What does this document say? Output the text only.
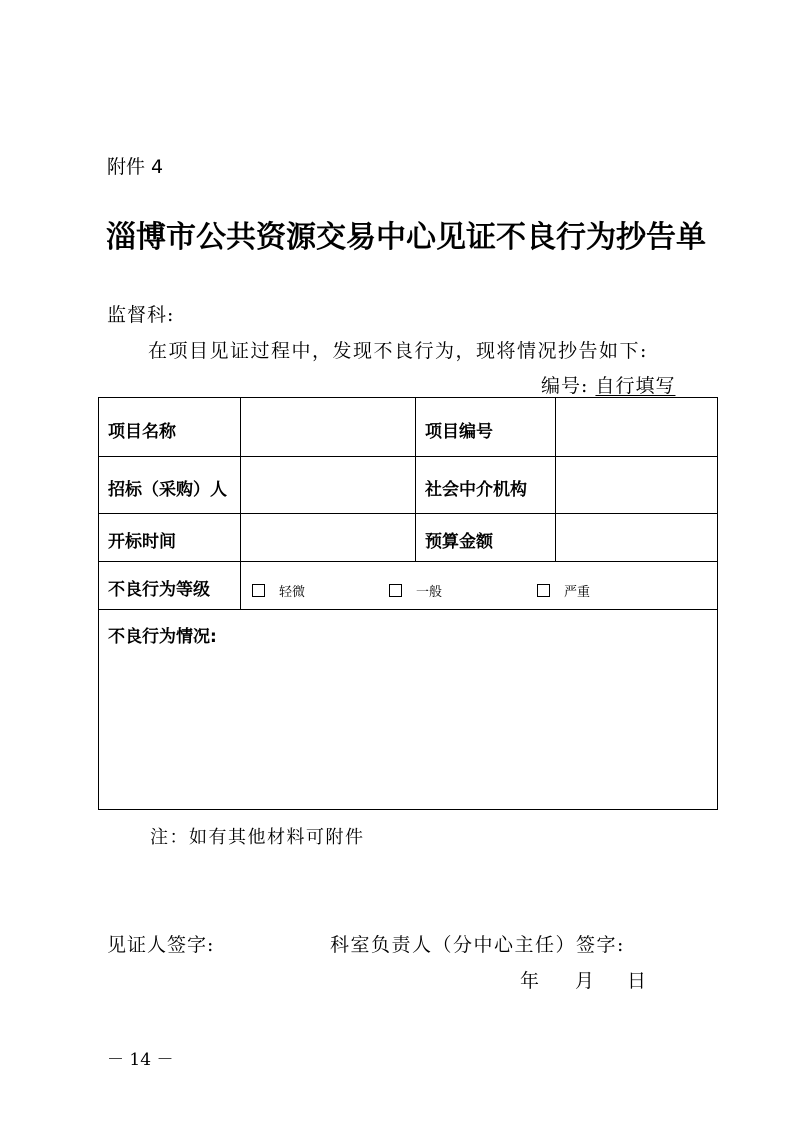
附件 4
淄博市公共资源交易中心见证不良行为抄告单
监督科:
在项目见证过程中，发现不良行为，现将情况抄告如下:
编号: 自行填写
项目名称	项目编号
招标（采购）人	社会中介机构
开标时间	预算金额
不良行为等级	轻微	一般	严重
不良行为情况:
注：如有其他材料可附件
见证人签字:	科室负责人（分中心主任）签字:
年 月 日
－ 14 －
